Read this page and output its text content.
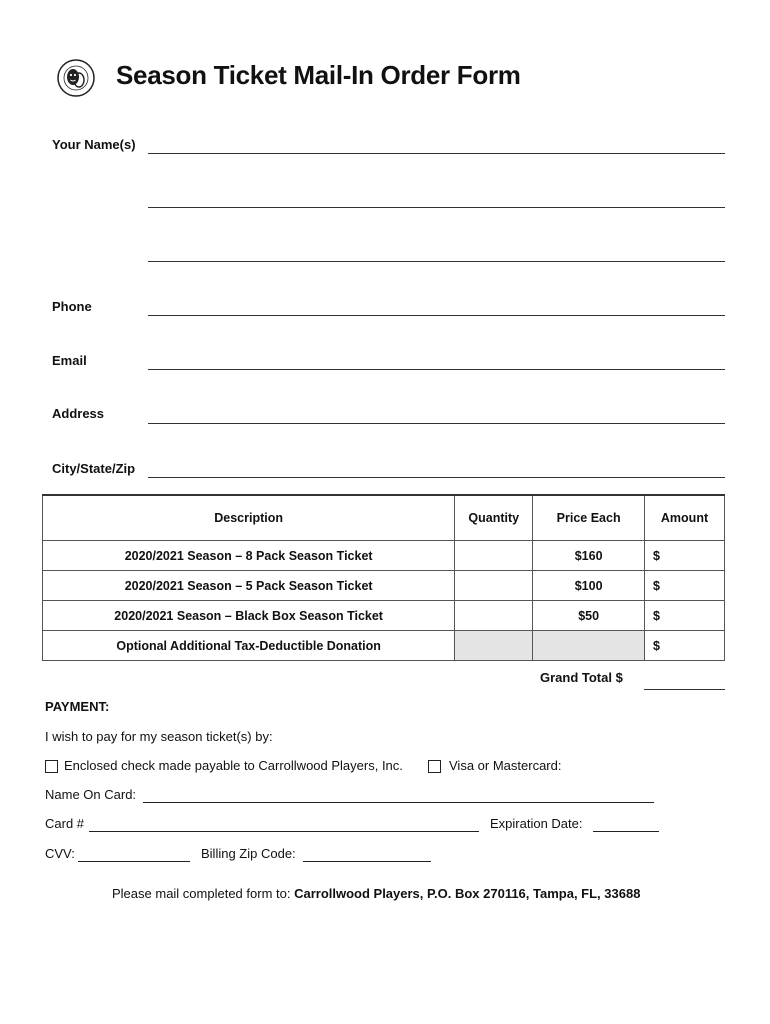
Season Ticket Mail-In Order Form
Your Name(s)
Phone
Email
Address
City/State/Zip
Description	Quantity	Price Each	Amount
2020/2021 Season – 8 Pack Season Ticket		$160	$
2020/2021 Season – 5 Pack Season Ticket		$100	$
2020/2021 Season – Black Box Season Ticket		$50	$
Optional Additional Tax-Deductible Donation			$
Grand Total $
PAYMENT:
I wish to pay for my season ticket(s) by:
Enclosed check made payable to Carrollwood Players, Inc.	Visa or Mastercard:
Name On Card:
Card #	Expiration Date:
CVV:	Billing Zip Code:
Please mail completed form to: Carrollwood Players, P.O. Box 270116, Tampa, FL, 33688
